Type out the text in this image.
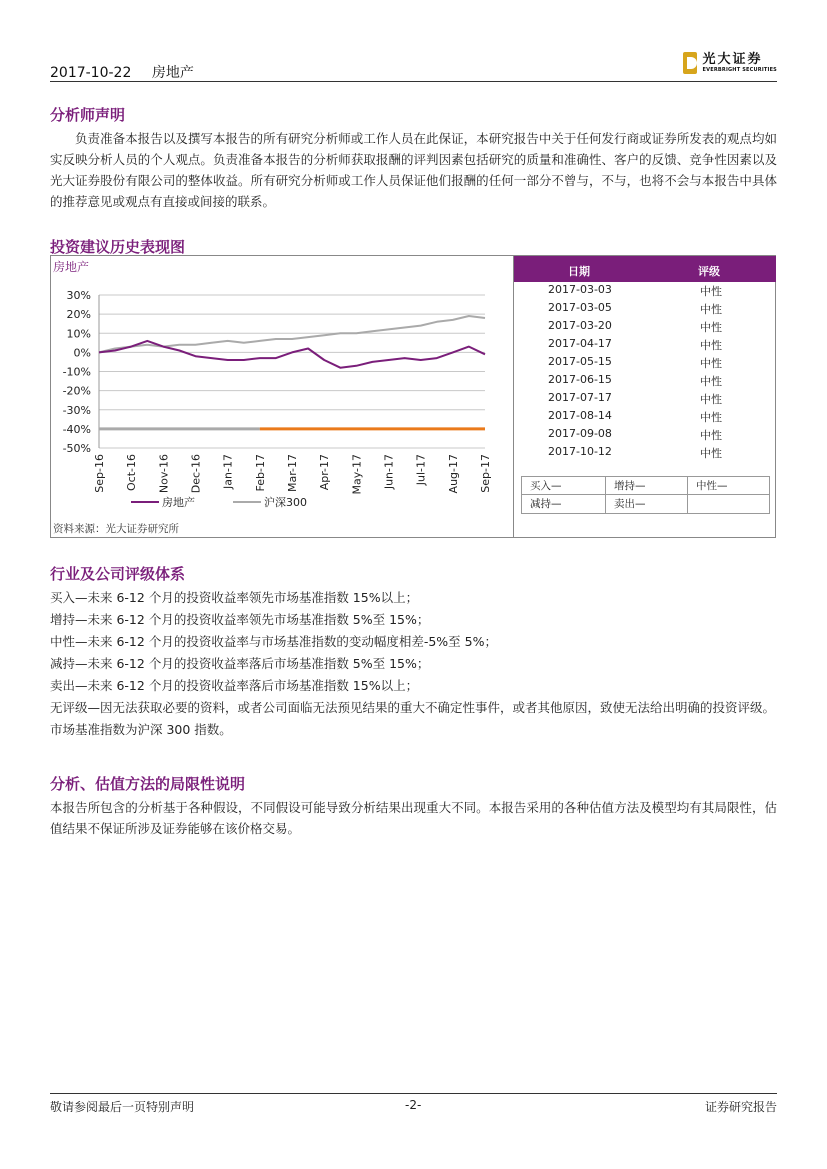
2017-10-22 房地产
光大证券
EVERBRIGHT SECURITIES
分析师声明
负责准备本报告以及撰写本报告的所有研究分析师或工作人员在此保证，本研究报告中关于任何发行商或证券所发表的观点均如实反映分析人员的个人观点。负责准备本报告的分析师获取报酬的评判因素包括研究的质量和准确性、客户的反馈、竞争性因素以及光大证券股份有限公司的整体收益。所有研究分析师或工作人员保证他们报酬的任何一部分不曾与，不与，也将不会与本报告中具体的推荐意见或观点有直接或间接的联系。
投资建议历史表现图
房地产
30%
20%
10%
0%
-10%
-20%
-30%
-40%
-50%
Sep-16 Oct-16 Nov-16 Dec-16 Jan-17 Feb-17 Mar-17 Apr-17 May-17 Jun-17 Jul-17 Aug-17 Sep-17
房地产	沪深300
资料来源：光大证券研究所
日期	评级
2017-03-03	中性
2017-03-05	中性
2017-03-20	中性
2017-04-17	中性
2017-05-15	中性
2017-06-15	中性
2017-07-17	中性
2017-08-14	中性
2017-09-08	中性
2017-10-12	中性
买入—	增持—	中性—
减持—	卖出—
行业及公司评级体系
买入—未来 6-12 个月的投资收益率领先市场基准指数 15%以上；
增持—未来 6-12 个月的投资收益率领先市场基准指数 5%至 15%；
中性—未来 6-12 个月的投资收益率与市场基准指数的变动幅度相差-5%至 5%；
减持—未来 6-12 个月的投资收益率落后市场基准指数 5%至 15%；
卖出—未来 6-12 个月的投资收益率落后市场基准指数 15%以上；
无评级—因无法获取必要的资料，或者公司面临无法预见结果的重大不确定性事件，或者其他原因，致使无法给出明确的投资评级。
市场基准指数为沪深 300 指数。
分析、估值方法的局限性说明
本报告所包含的分析基于各种假设，不同假设可能导致分析结果出现重大不同。本报告采用的各种估值方法及模型均有其局限性，估值结果不保证所涉及证券能够在该价格交易。
敬请参阅最后一页特别声明	-2-	证券研究报告
